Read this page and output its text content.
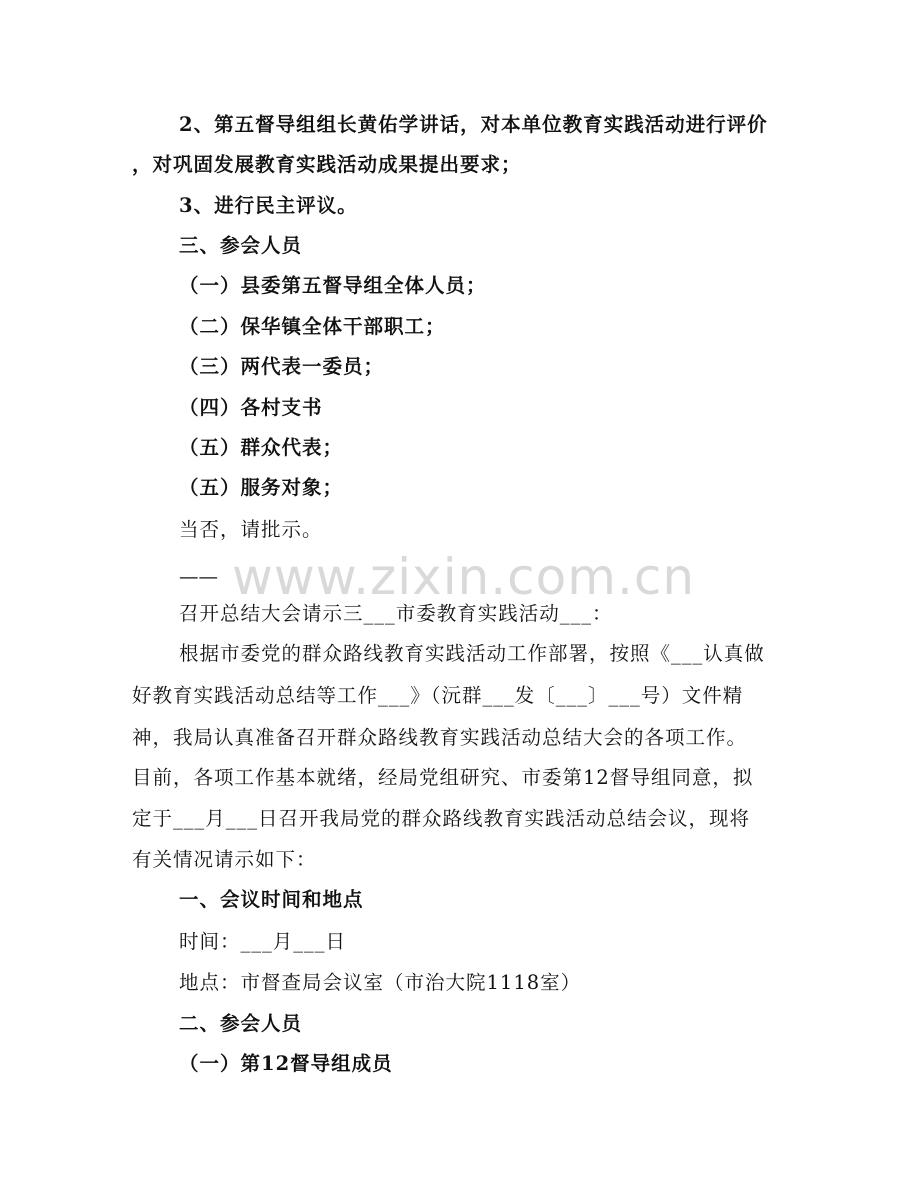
www.zixin.com.cn
2、第五督导组组长黄佑学讲话，对本单位教育实践活动进行评价
，对巩固发展教育实践活动成果提出要求；
3、进行民主评议。
三、参会人员
（一）县委第五督导组全体人员；
（二）保华镇全体干部职工；
（三）两代表一委员；
（四）各村支书
（五）群众代表；
（五）服务对象；
当否，请批示。
——
召开总结大会请示三___市委教育实践活动___：
根据市委党的群众路线教育实践活动工作部署，按照《___认真做
好教育实践活动总结等工作___》（沅群___发〔___〕___号）文件精
神，我局认真准备召开群众路线教育实践活动总结大会的各项工作。
目前，各项工作基本就绪，经局党组研究、市委第12督导组同意，拟
定于___月___日召开我局党的群众路线教育实践活动总结会议，现将
有关情况请示如下：
一、会议时间和地点
时间：___月___日
地点：市督查局会议室（市治大院1118室）
二、参会人员
（一）第12督导组成员
